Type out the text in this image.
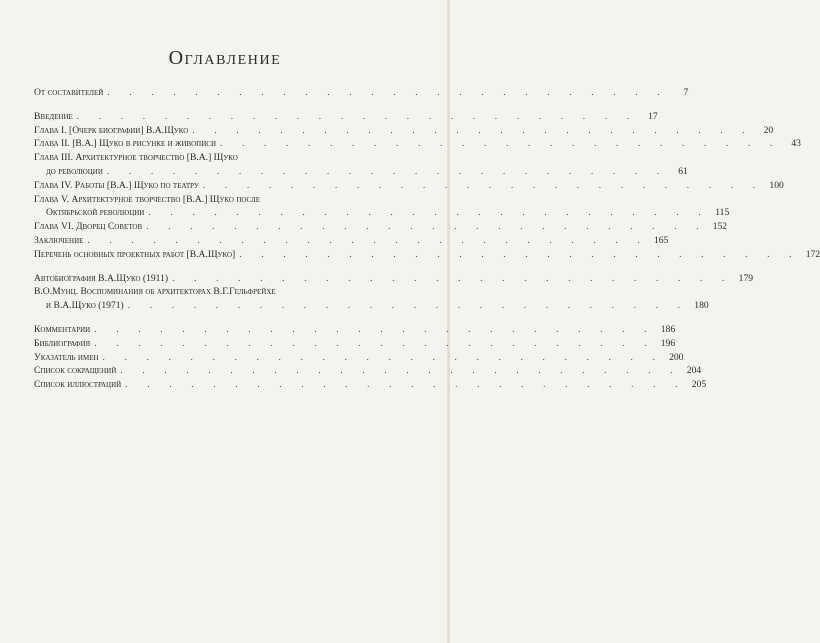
Оглавление
От составителей . . . . . . . . . . . . . . . . . . . . . . . . . .	7
Введение . . . . . . . . . . . . . . . . . . . . . . . . . .	17
Глава I. [Очерк биографии] В.А.Щуко . . . . . . . . . . . . . . . . . . . . . . . . . .	20
Глава II. [В.А.] Щуко в рисунке и живописи . . . . . . . . . . . . . . . . . . . . . . . . . .	43
Глава III. Архитектурное творчество [В.А.] Щуко
до революции . . . . . . . . . . . . . . . . . . . . . . . . . .	61
Глава IV. Работы [В.А.] Щуко по театру . . . . . . . . . . . . . . . . . . . . . . . . . . 100
Глава V. Архитектурное творчество [В.А.] Щуко после
Октябрьской революции . . . . . . . . . . . . . . . . . . . . . . . . . . 115
Глава VI. Дворец Советов . . . . . . . . . . . . . . . . . . . . . . . . . . 152
Заключение . . . . . . . . . . . . . . . . . . . . . . . . . . 165
Перечень основных проектных работ [В.А.Щуко] . . . . . . . . . . . . . . . . . . . . . . . . . . 172
Автобиография В.А.Щуко (1911) . . . . . . . . . . . . . . . . . . . . . . . . . . 179
В.О.Мунц. Воспоминания об архитекторах В.Г.Гельфрейхе
и В.А.Щуко (1971) . . . . . . . . . . . . . . . . . . . . . . . . . . 180
Комментарии . . . . . . . . . . . . . . . . . . . . . . . . . . 186
Библиография . . . . . . . . . . . . . . . . . . . . . . . . . . 196
Указатель имен . . . . . . . . . . . . . . . . . . . . . . . . . . 200
Список сокращений . . . . . . . . . . . . . . . . . . . . . . . . . . 204
Список иллюстраций . . . . . . . . . . . . . . . . . . . . . . . . . . 205
